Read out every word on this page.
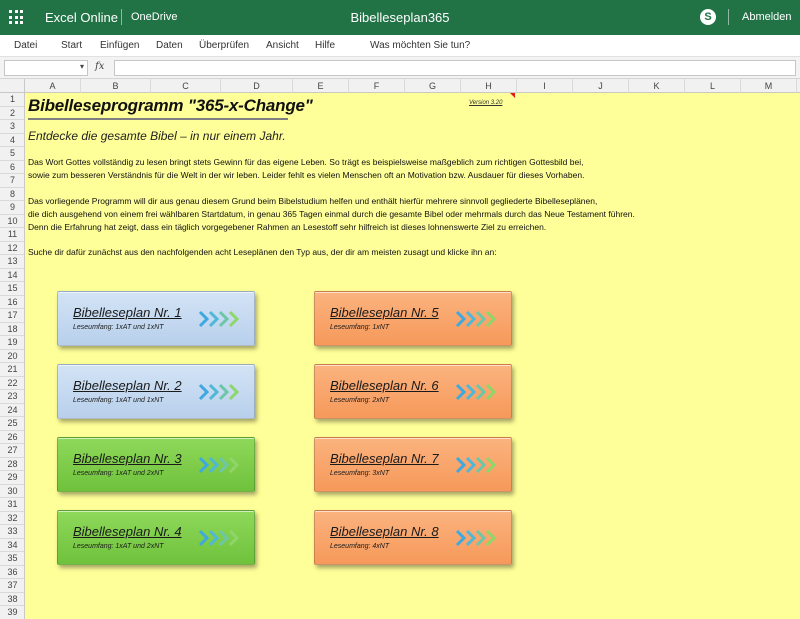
Excel Online OneDrive	Bibelleseplan365	S	Abmelden
Datei Start Einfügen Daten Überprüfen Ansicht Hilfe	Was möchten Sie tun?
▾ fx
A	B	C	D	E	F	G	H	I	J	K	L	M
1
2
3
4
5
6
7
8
9
10
11
12
13
14
15
16
17
18
19
20
21
22
23
24
25
26
27
28
29
30
31
32
33
34
35
36
37
38
39
Bibelleseprogramm "365-x-Change"	Version 3.20
Entdecke die gesamte Bibel – in nur einem Jahr.
Das Wort Gottes vollständig zu lesen bringt stets Gewinn für das eigene Leben. So trägt es beispielsweise maßgeblich zum richtigen Gottesbild bei,
sowie zum besseren Verständnis für die Welt in der wir leben. Leider fehlt es vielen Menschen oft an Motivation bzw. Ausdauer für dieses Vorhaben.
Das vorliegende Programm will dir aus genau diesem Grund beim Bibelstudium helfen und enthält hierfür mehrere sinnvoll gegliederte Bibelleseplänen,
die dich ausgehend von einem frei wählbaren Startdatum, in genau 365 Tagen einmal durch die gesamte Bibel oder mehrmals durch das Neue Testament führen.
Denn die Erfahrung hat zeigt, dass ein täglich vorgegebener Rahmen an Lesestoff sehr hilfreich ist dieses lohnenswerte Ziel zu erreichen.
Suche dir dafür zunächst aus den nachfolgenden acht Leseplänen den Typ aus, der dir am meisten zusagt und klicke ihn an:
Bibelleseplan Nr. 1
Leseumfang: 1xAT und 1xNT
Bibelleseplan Nr. 2
Leseumfang: 1xAT und 1xNT
Bibelleseplan Nr. 3
Leseumfang: 1xAT und 2xNT
Bibelleseplan Nr. 4
Leseumfang: 1xAT und 2xNT
Bibelleseplan Nr. 5
Leseumfang: 1xNT
Bibelleseplan Nr. 6
Leseumfang: 2xNT
Bibelleseplan Nr. 7
Leseumfang: 3xNT
Bibelleseplan Nr. 8
Leseumfang: 4xNT
